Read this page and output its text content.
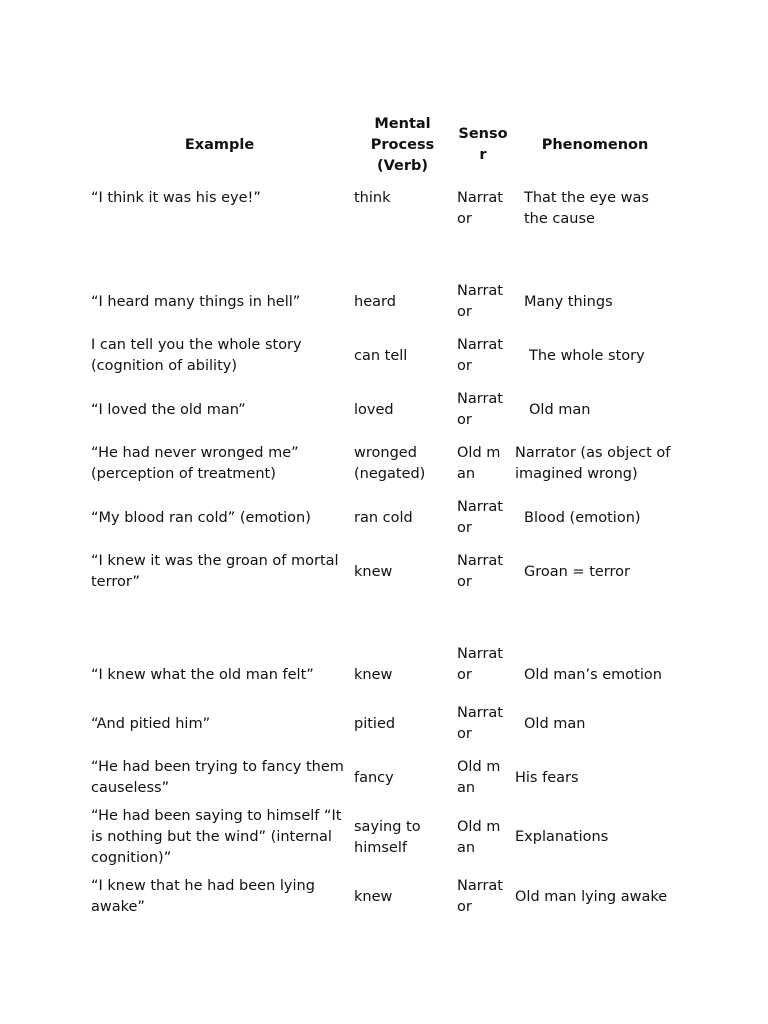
Example	Mental Process (Verb)	Sensor	Phenomenon
“I think it was his eye!”	think	Narrator	That the eye was the cause
“I heard many things in hell”	heard	Narrator	Many things
I can tell you the whole story (cognition of ability)	can tell	Narrator	The whole story
“I loved the old man”	loved	Narrator	Old man
“He had never wronged me” (perception of treatment)	wronged (negated)	Old man	Narrator (as object of imagined wrong)
“My blood ran cold” (emotion)	ran cold	Narrator	Blood (emotion)
“I knew it was the groan of mortal terror”	knew	Narrator	Groan = terror
“I knew what the old man felt”	knew	Narrator	Old man’s emotion
“And pitied him”	pitied	Narrator	Old man
“He had been trying to fancy them causeless”	fancy	Old man	His fears
“He had been saying to himself “It is nothing but the wind” (internal cognition)”	saying to himself	Old man	Explanations
“I knew that he had been lying awake”	knew	Narrator	Old man lying awake
